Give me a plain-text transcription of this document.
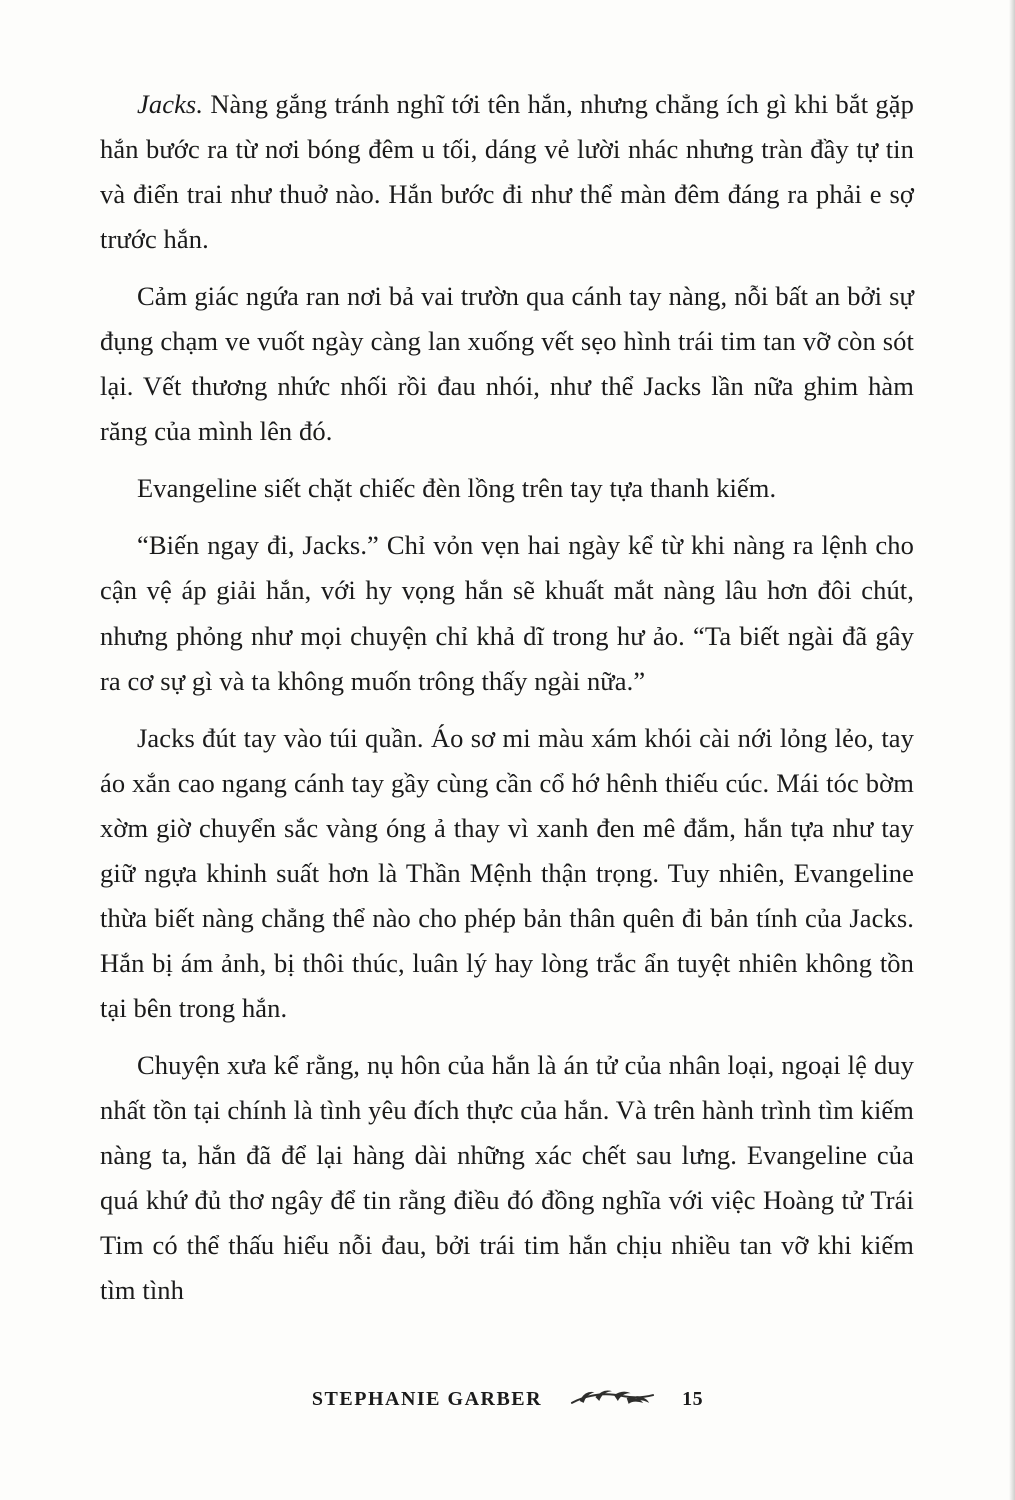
Jacks. Nàng gắng tránh nghĩ tới tên hắn, nhưng chẳng ích gì khi bắt gặp hắn bước ra từ nơi bóng đêm u tối, dáng vẻ lười nhác nhưng tràn đầy tự tin và điển trai như thuở nào. Hắn bước đi như thể màn đêm đáng ra phải e sợ trước hắn.

Cảm giác ngứa ran nơi bả vai trườn qua cánh tay nàng, nỗi bất an bởi sự đụng chạm ve vuốt ngày càng lan xuống vết sẹo hình trái tim tan vỡ còn sót lại. Vết thương nhức nhối rồi đau nhói, như thể Jacks lần nữa ghim hàm răng của mình lên đó.

Evangeline siết chặt chiếc đèn lồng trên tay tựa thanh kiếm.

“Biến ngay đi, Jacks.” Chỉ vỏn vẹn hai ngày kể từ khi nàng ra lệnh cho cận vệ áp giải hắn, với hy vọng hắn sẽ khuất mắt nàng lâu hơn đôi chút, nhưng phỏng như mọi chuyện chỉ khả dĩ trong hư ảo. “Ta biết ngài đã gây ra cơ sự gì và ta không muốn trông thấy ngài nữa.”

Jacks đút tay vào túi quần. Áo sơ mi màu xám khói cài nới lỏng lẻo, tay áo xắn cao ngang cánh tay gầy cùng cần cổ hớ hênh thiếu cúc. Mái tóc bờm xờm giờ chuyển sắc vàng óng ả thay vì xanh đen mê đắm, hắn tựa như tay giữ ngựa khinh suất hơn là Thần Mệnh thận trọng. Tuy nhiên, Evangeline thừa biết nàng chẳng thể nào cho phép bản thân quên đi bản tính của Jacks. Hắn bị ám ảnh, bị thôi thúc, luân lý hay lòng trắc ẩn tuyệt nhiên không tồn tại bên trong hắn.

Chuyện xưa kể rằng, nụ hôn của hắn là án tử của nhân loại, ngoại lệ duy nhất tồn tại chính là tình yêu đích thực của hắn. Và trên hành trình tìm kiếm nàng ta, hắn đã để lại hàng dài những xác chết sau lưng. Evangeline của quá khứ đủ thơ ngây để tin rằng điều đó đồng nghĩa với việc Hoàng tử Trái Tim có thể thấu hiểu nỗi đau, bởi trái tim hắn chịu nhiều tan vỡ khi kiếm tìm tình

STEPHANIE GARBER	15
